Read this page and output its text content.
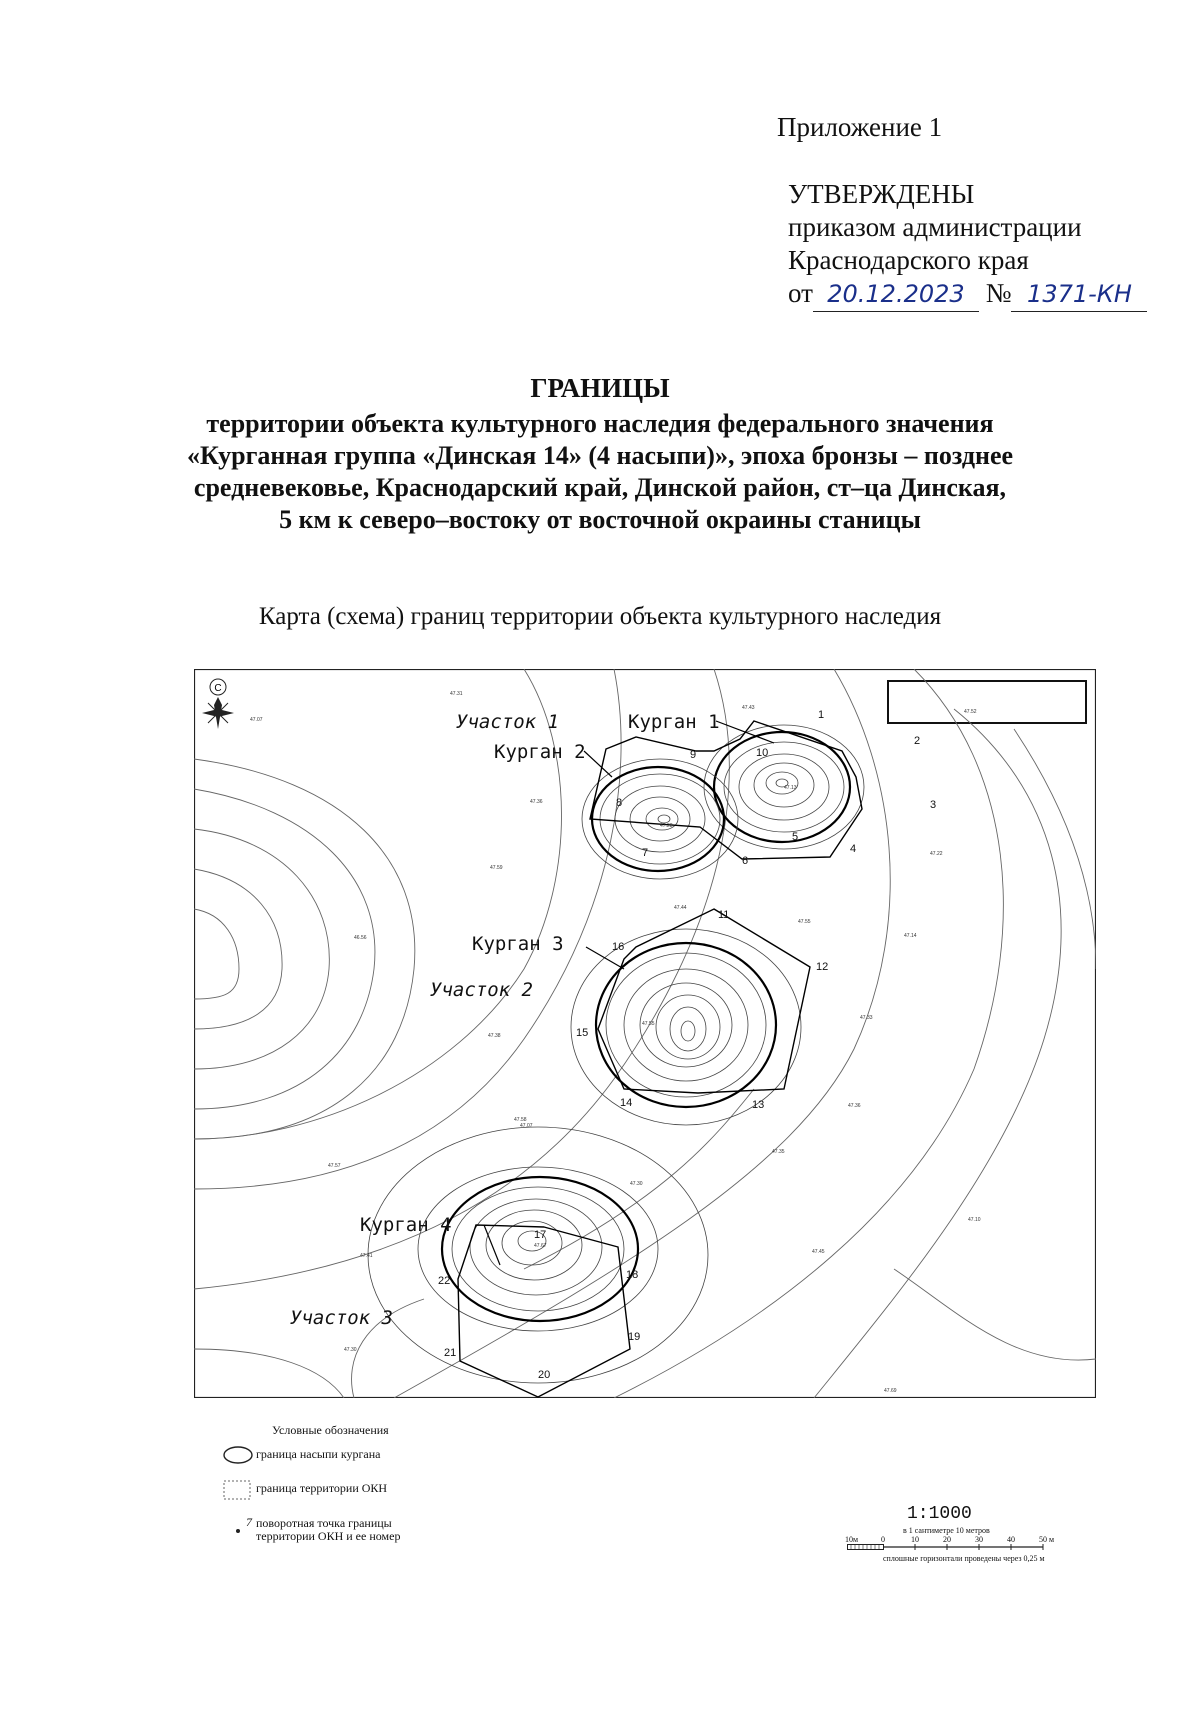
Приложение 1
УТВЕРЖДЕНЫ
приказом администрации
Краснодарского края
от 20.12.2023 № 1371-КН
ГРАНИЦЫ
территории объекта культурного наследия федерального значения
«Курганная группа «Динская 14» (4 насыпи)», эпоха бронзы – позднее
средневековье, Краснодарский край, Динской район, ст–ца Динская,
5 км к северо–востоку от восточной окраины станицы
Карта (схема) границ территории объекта культурного наследия
С
Участок 1	Курган 1
Курган 2
Курган 3
Участок 2
Курган 4
Участок 3
1
2
3
4
5
6
7
8
9	10
11
12
13
14
15
16
17
18
19
20
21
22
47.31
47.07
47.36
47.59
46.56
47.38
47.57
47.07
47.44
47.55
47.22
47.52
47.14
47.33
47.36
47.35
47.10
47.30
47.58
47.45
47.41
47.30
47.69
47.43
47.55
47.13
47.28
47.67
Условные обозначения
граница насыпи кургана
граница территории ОКН
7 поворотная точка границы
территории ОКН и ее номер
1:1000
в 1 сантиметре 10 метров
10м	0	10	20	30	40	50 м
сплошные горизонтали проведены через 0,25 м
